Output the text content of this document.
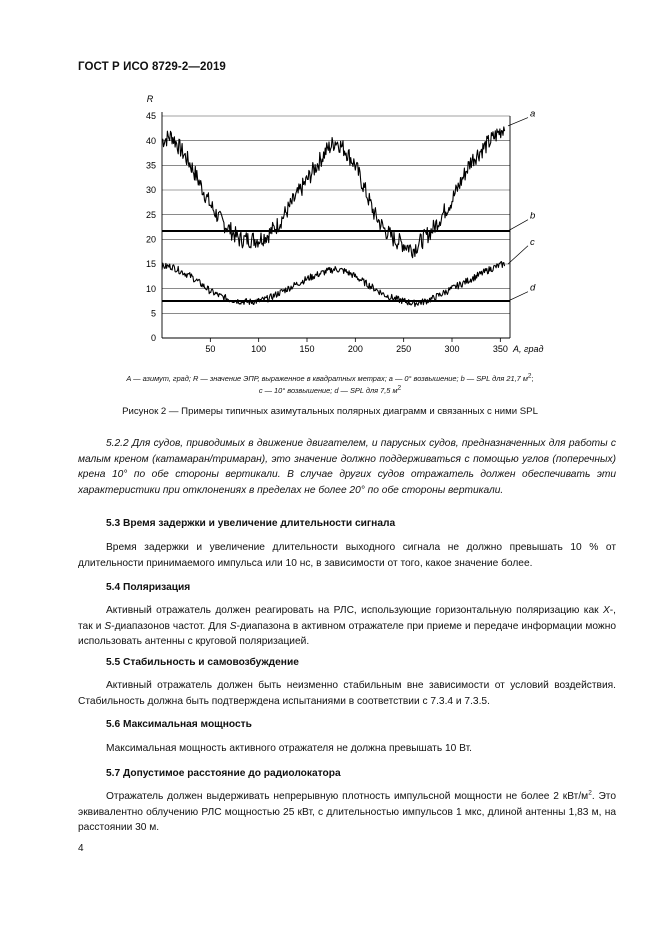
ГОСТ Р ИСО 8729-2—2019
5
10
15
20
25
30
35
40
45
50	100	150	200	250	300	350
0
R
A, град
a
b
c
d
A — азимут, град; R — значение ЭПР, выраженное в квадратных метрах; a — 0° возвышение; b — SPL для 21,7 $м^2$;
c — 10° возвышение; d — SPL для 7,5 $м^2$
Рисунок 2 — Примеры типичных азимутальных полярных диаграмм и связанных с ними SPL
5.2.2 Для судов, приводимых в движение двигателем, и парусных судов, предназначенных для работы с малым креном (катамаран/тримаран), это значение должно поддерживаться с помощью углов (поперечных) крена 10° по обе стороны вертикали. В случае других судов отражатель должен обеспечивать эти характеристики при отклонениях в пределах не более 20° по обе стороны вертикали.
5.3 Время задержки и увеличение длительности сигнала
Время задержки и увеличение длительности выходного сигнала не должно превышать 10 % от длительности принимаемого импульса или 10 нс, в зависимости от того, какое значение более.
5.4 Поляризация
Активный отражатель должен реагировать на РЛС, использующие горизонтальную поляризацию как X-, так и S-диапазонов частот. Для S-диапазона в активном отражателе при приеме и передаче информации можно использовать антенны с круговой поляризацией.
5.5 Стабильность и самовозбуждение
Активный отражатель должен быть неизменно стабильным вне зависимости от условий воздействия. Стабильность должна быть подтверждена испытаниями в соответствии с 7.3.4 и 7.3.5.
5.6 Максимальная мощность
Максимальная мощность активного отражателя не должна превышать 10 Вт.
5.7 Допустимое расстояние до радиолокатора
Отражатель должен выдерживать непрерывную плотность импульсной мощности не более 2 кВт/$м^2$. Это эквивалентно облучению РЛС мощностью 25 кВт, с длительностью импульсов 1 мкс, длиной антенны 1,83 м, на расстоянии 30 м.
4
